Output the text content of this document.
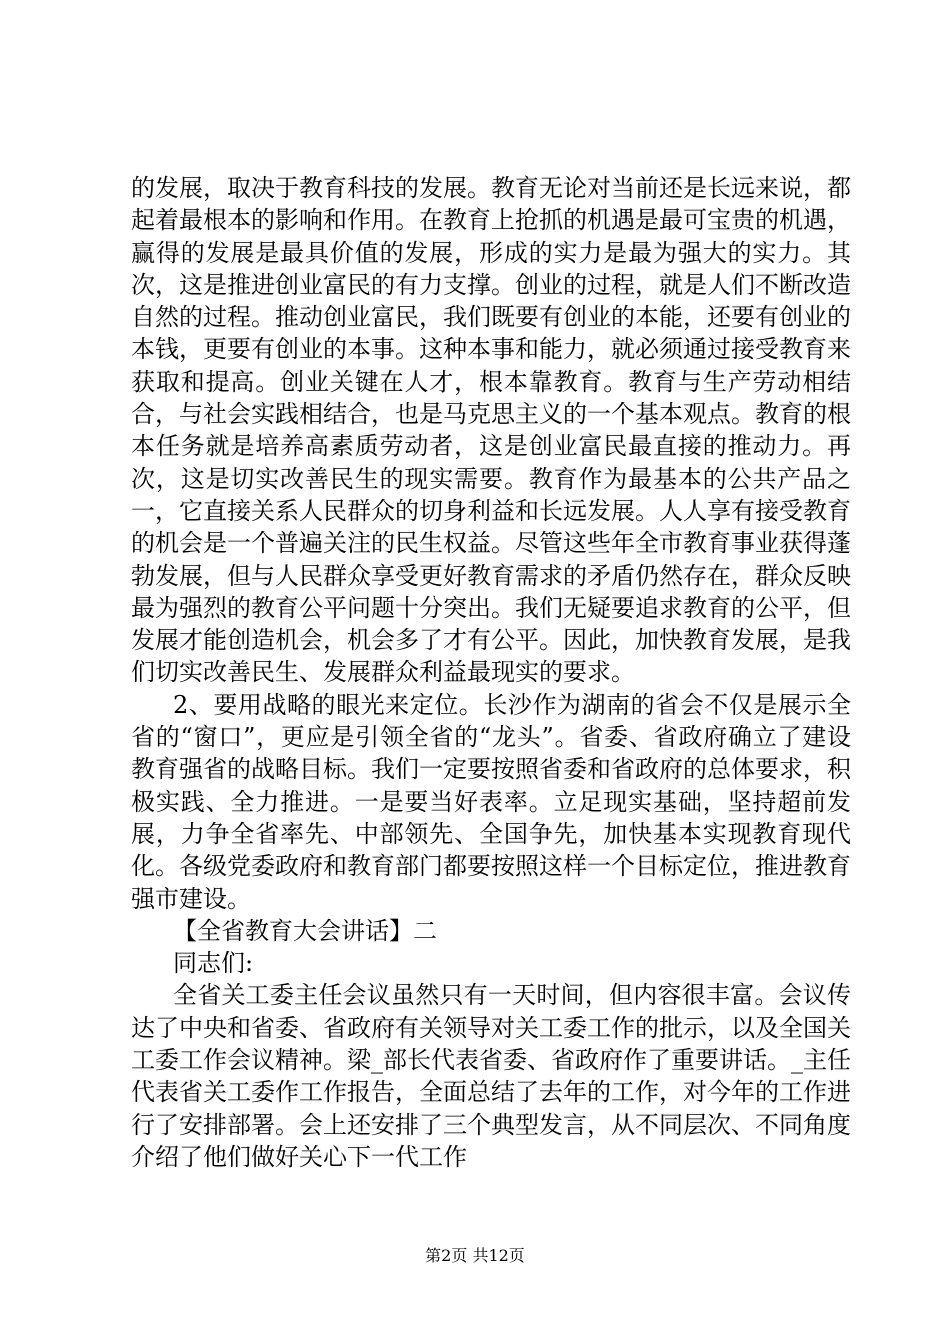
的发展，取决于教育科技的发展。教育无论对当前还是长远来说，都起着最根本的影响和作用。在教育上抢抓的机遇是最可宝贵的机遇，赢得的发展是最具价值的发展，形成的实力是最为强大的实力。其次，这是推进创业富民的有力支撑。创业的过程，就是人们不断改造自然的过程。推动创业富民，我们既要有创业的本能，还要有创业的本钱，更要有创业的本事。这种本事和能力，就必须通过接受教育来获取和提高。创业关键在人才，根本靠教育。教育与生产劳动相结合，与社会实践相结合，也是马克思主义的一个基本观点。教育的根本任务就是培养高素质劳动者，这是创业富民最直接的推动力。再次，这是切实改善民生的现实需要。教育作为最基本的公共产品之一，它直接关系人民群众的切身利益和长远发展。人人享有接受教育的机会是一个普遍关注的民生权益。尽管这些年全市教育事业获得蓬勃发展，但与人民群众享受更好教育需求的矛盾仍然存在，群众反映最为强烈的教育公平问题十分突出。我们无疑要追求教育的公平，但发展才能创造机会，机会多了才有公平。因此，加快教育发展，是我们切实改善民生、发展群众利益最现实的要求。

2、要用战略的眼光来定位。长沙作为湖南的省会不仅是展示全省的“窗口”，更应是引领全省的“龙头”。省委、省政府确立了建设教育强省的战略目标。我们一定要按照省委和省政府的总体要求，积极实践、全力推进。一是要当好表率。立足现实基础，坚持超前发展，力争全省率先、中部领先、全国争先，加快基本实现教育现代化。各级党委政府和教育部门都要按照这样一个目标定位，推进教育强市建设。

【全省教育大会讲话】二

同志们:

全省关工委主任会议虽然只有一天时间，但内容很丰富。会议传达了中央和省委、省政府有关领导对关工委工作的批示，以及全国关工委工作会议精神。梁_部长代表省委、省政府作了重要讲话。_主任代表省关工委作工作报告，全面总结了去年的工作，对今年的工作进行了安排部署。会上还安排了三个典型发言，从不同层次、不同角度介绍了他们做好关心下一代工作

第2页 共12页
